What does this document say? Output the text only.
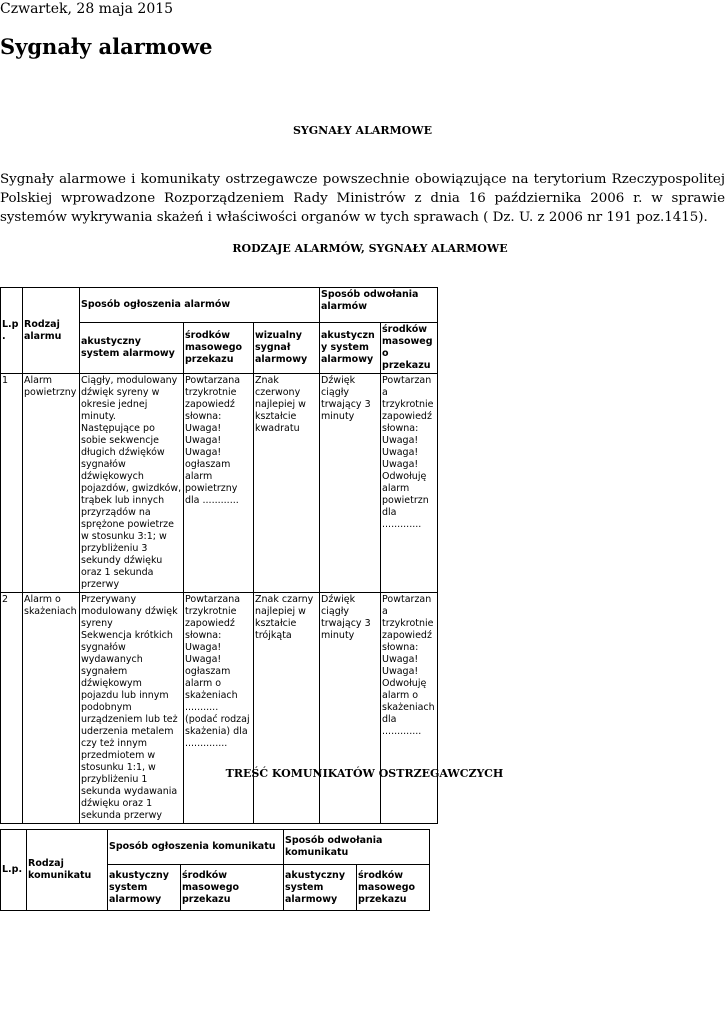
Czwartek, 28 maja 2015
Sygnały alarmowe
SYGNAŁY ALARMOWE

Sygnały alarmowe i komunikaty ostrzegawcze powszechnie obowiązujące na terytorium Rzeczypospolitej Polskiej wprowadzone Rozporządzeniem Rady Ministrów z dnia 16 października 2006 r. w sprawie systemów wykrywania skażeń i właściwości organów w tych sprawach ( Dz. U. z 2006 nr 191 poz.1415).

RODZAJE ALARMÓW, SYGNAŁY ALARMOWE
L.p .	Rodzaj alarmu	Sposób ogłoszenia alarmów			Sposób odwołania alarmów	
		akustyczny system alarmowy	środków masowego przekazu	wizualny sygnał alarmowy	akustyczny system alarmowy	środków masowego przekazu
1	Alarm powietrzny	Ciągły, modulowany dźwięk syreny w okresie jednej minuty.
Następujące po sobie sekwencje długich dźwięków sygnałów dźwiękowych pojazdów, gwizdków, trąbek lub innych przyrządów na sprężone powietrze w stosunku 3:1; w przybliżeniu 3 sekundy dźwięku oraz 1 sekunda przerwy	Powtarzana trzykrotnie zapowiedź słowna:
Uwaga! Uwaga! Uwaga! ogłaszam alarm powietrzny dla ............	Znak czerwony najlepiej w kształcie kwadratu	Dźwięk ciągły trwający 3 minuty	Powtarzana trzykrotnie zapowiedź słowna:
Uwaga! Uwaga! Uwaga! Odwołuję alarm powietrzn dla .............
2	Alarm o skażeniach	Przerywany modulowany dźwięk syreny
Sekwencja krótkich sygnałów wydawanych sygnałem dźwiękowym pojazdu lub innym podobnym urządzeniem lub też uderzenia metalem czy też innym przedmiotem w stosunku 1:1, w przybliżeniu 1 sekunda wydawania dźwięku oraz 1 sekunda przerwy	Powtarzana trzykrotnie zapowiedź słowna:
Uwaga! Uwaga! ogłaszam alarm o skażeniach ........... (podać rodzaj skażenia) dla ..............	Znak czarny najlepiej w kształcie trójkąta	Dźwięk ciągły trwający 3 minuty	Powtarzana trzykrotnie zapowiedź słowna:
Uwaga! Uwaga! Odwołuję alarm o skażeniach dla .............
TREŚĆ KOMUNIKATÓW OSTRZEGAWCZYCH
L.p.	Rodzaj komunikatu	Sposób ogłoszenia komunikatu		Sposób odwołania komunikatu	
		akustyczny system alarmowy	środków masowego przekazu	akustyczny system alarmowy	środków masowego przekazu
